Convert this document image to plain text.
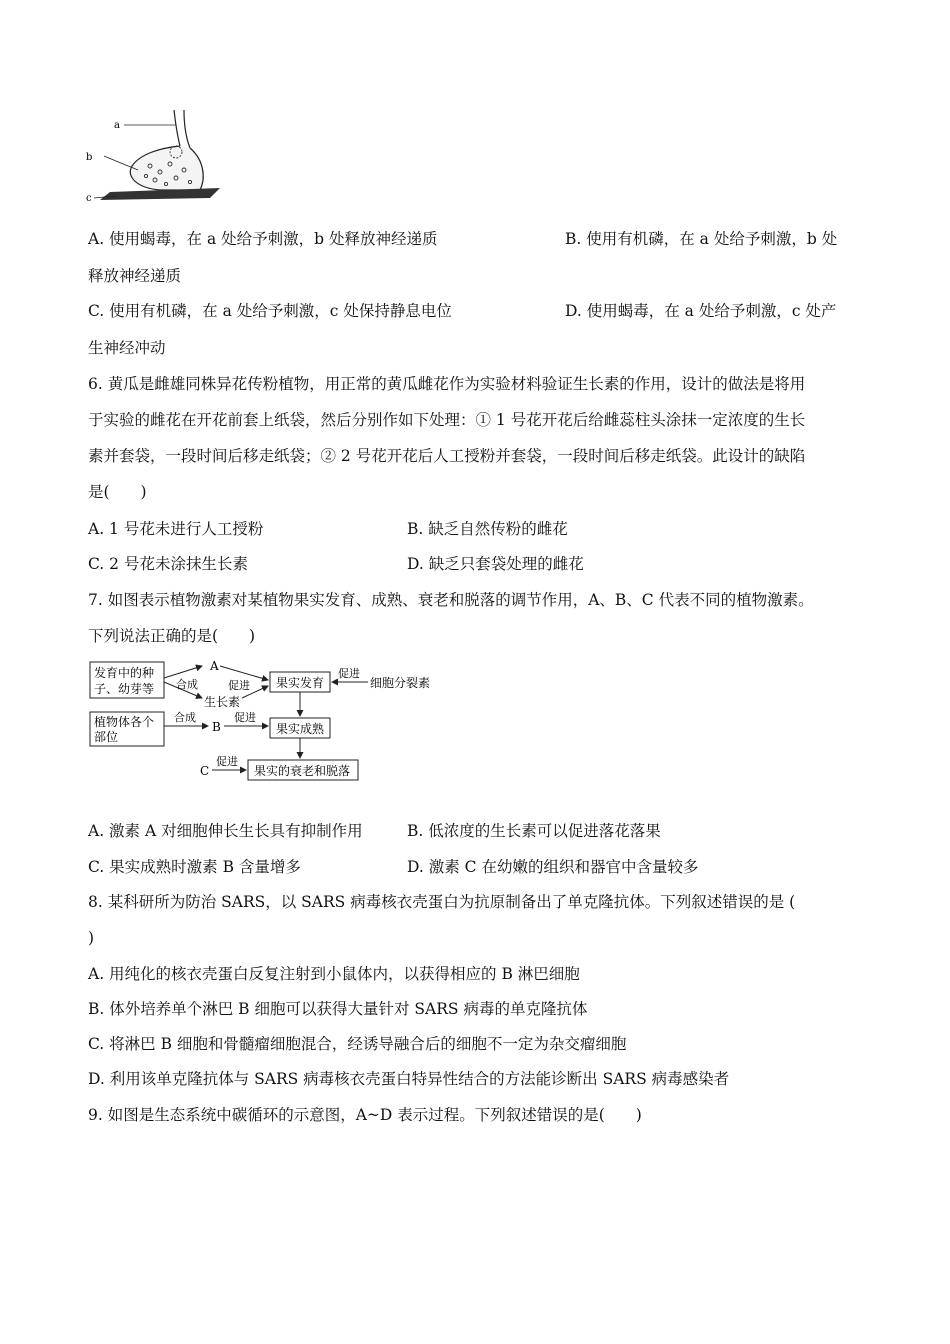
a
b
c
A. 使用蝎毒，在 a 处给予刺激，b 处释放神经递质	B. 使用有机磷，在 a 处给予刺激，b 处
释放神经递质
C. 使用有机磷，在 a 处给予刺激，c 处保持静息电位	D. 使用蝎毒，在 a 处给予刺激，c 处产
生神经冲动
6. 黄瓜是雌雄同株异花传粉植物，用正常的黄瓜雌花作为实验材料验证生长素的作用，设计的做法是将用
于实验的雌花在开花前套上纸袋，然后分别作如下处理：① 1 号花开花后给雌蕊柱头涂抹一定浓度的生长
素并套袋，一段时间后移走纸袋；② 2 号花开花后人工授粉并套袋，一段时间后移走纸袋。此设计的缺陷
是(　　)
A. 1 号花未进行人工授粉	B. 缺乏自然传粉的雌花
C. 2 号花未涂抹生长素	D. 缺乏只套袋处理的雌花
7. 如图表示植物激素对某植物果实发育、成熟、衰老和脱落的调节作用，A、B、C 代表不同的植物激素。
下列说法正确的是(　　)
发育中的种
子、幼芽等
植物体各个
部位
合成
A
生长素
促进 果实发育
促进
细胞分裂素
合成
B
促进
果实成熟
C
促进
果实的衰老和脱落
A. 激素 A 对细胞伸长生长具有抑制作用	B. 低浓度的生长素可以促进落花落果
C. 果实成熟时激素 B 含量增多	D. 激素 C 在幼嫩的组织和器官中含量较多
8. 某科研所为防治 SARS，以 SARS 病毒核衣壳蛋白为抗原制备出了单克隆抗体。下列叙述错误的是 (
)
A. 用纯化的核衣壳蛋白反复注射到小鼠体内，以获得相应的 B 淋巴细胞
B. 体外培养单个淋巴 B 细胞可以获得大量针对 SARS 病毒的单克隆抗体
C. 将淋巴 B 细胞和骨髓瘤细胞混合，经诱导融合后的细胞不一定为杂交瘤细胞
D. 利用该单克隆抗体与 SARS 病毒核衣壳蛋白特异性结合的方法能诊断出 SARS 病毒感染者
9. 如图是生态系统中碳循环的示意图，A~D 表示过程。下列叙述错误的是(　　)
